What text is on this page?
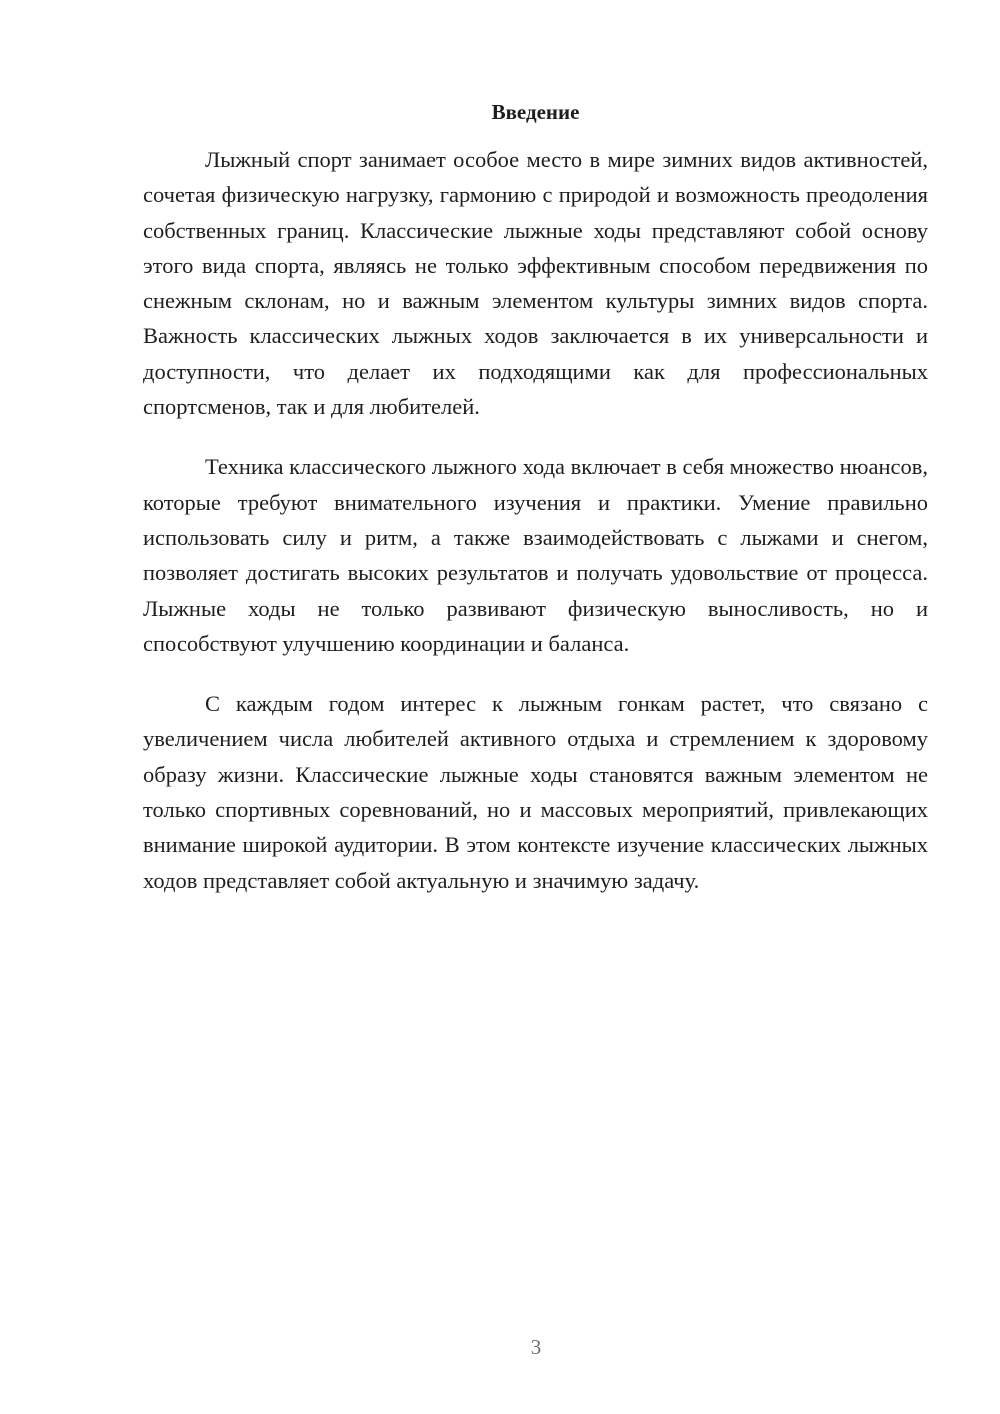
Введение

Лыжный спорт занимает особое место в мире зимних видов активностей, сочетая физическую нагрузку, гармонию с природой и возможность преодоления собственных границ. Классические лыжные ходы представляют собой основу этого вида спорта, являясь не только эффективным способом передвижения по снежным склонам, но и важным элементом культуры зимних видов спорта. Важность классических лыжных ходов заключается в их универсальности и доступности, что делает их подходящими как для профессиональных спортсменов, так и для любителей.

Техника классического лыжного хода включает в себя множество нюансов, которые требуют внимательного изучения и практики. Умение правильно использовать силу и ритм, а также взаимодействовать с лыжами и снегом, позволяет достигать высоких результатов и получать удовольствие от процесса. Лыжные ходы не только развивают физическую выносливость, но и способствуют улучшению координации и баланса.

С каждым годом интерес к лыжным гонкам растет, что связано с увеличением числа любителей активного отдыха и стремлением к здоровому образу жизни. Классические лыжные ходы становятся важным элементом не только спортивных соревнований, но и массовых мероприятий, привлекающих внимание широкой аудитории. В этом контексте изучение классических лыжных ходов представляет собой актуальную и значимую задачу.

3
